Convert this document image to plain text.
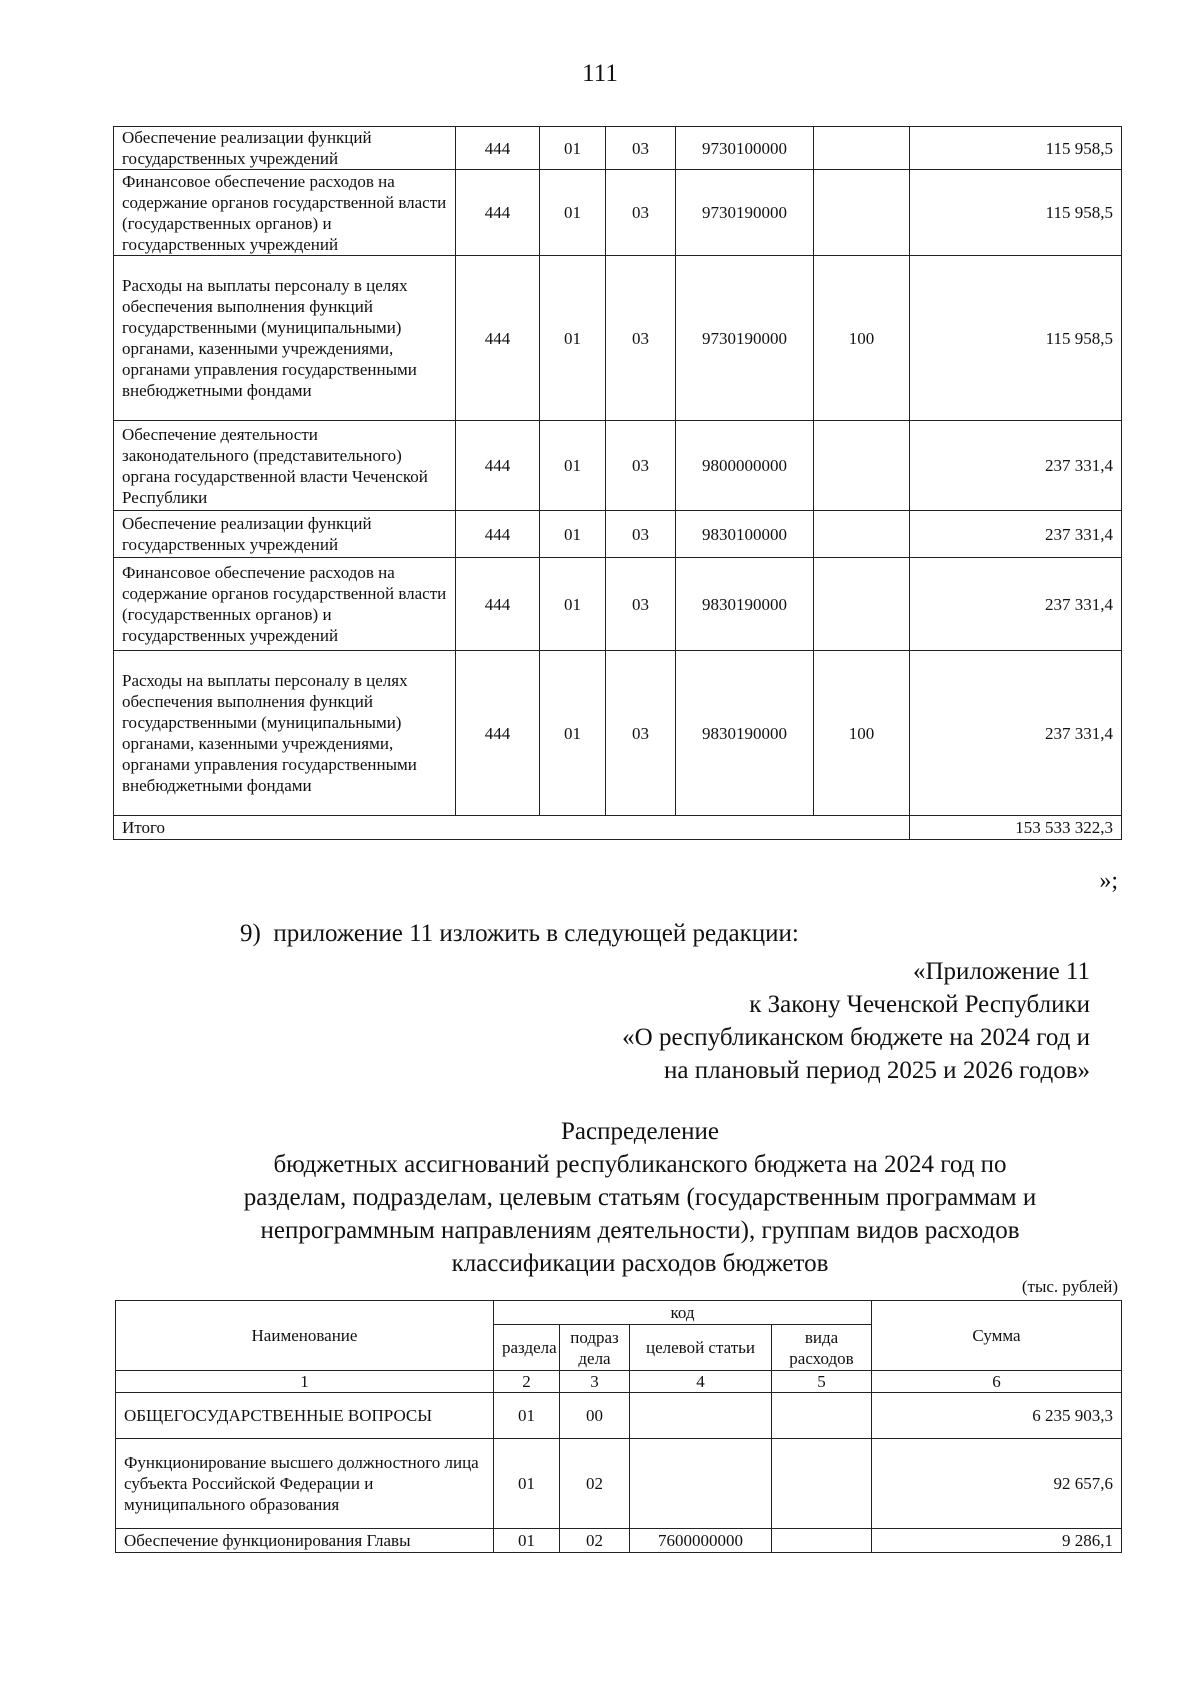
111
Обеспечение реализации функций государственных учреждений	444	01	03	9730100000		115 958,5
Финансовое обеспечение расходов на содержание органов государственной власти (государственных органов) и государственных учреждений	444	01	03	9730190000		115 958,5
Расходы на выплаты персоналу в целях обеспечения выполнения функций государственными (муниципальными) органами, казенными учреждениями, органами управления государственными внебюджетными фондами	444	01	03	9730190000	100	115 958,5
Обеспечение деятельности законодательного (представительного) органа государственной власти Чеченской Республики	444	01	03	9800000000		237 331,4
Обеспечение реализации функций государственных учреждений	444	01	03	9830100000		237 331,4
Финансовое обеспечение расходов на содержание органов государственной власти (государственных органов) и государственных учреждений	444	01	03	9830190000		237 331,4
Расходы на выплаты персоналу в целях обеспечения выполнения функций государственными (муниципальными) органами, казенными учреждениями, органами управления государственными внебюджетными фондами	444	01	03	9830190000	100	237 331,4
Итого						153 533 322,3
»;
9)  приложение 11 изложить в следующей редакции:
«Приложение 11
к Закону Чеченской Республики
«О республиканском бюджете на 2024 год и
на плановый период 2025 и 2026 годов»
Распределение
бюджетных ассигнований республиканского бюджета на 2024 год по
разделам, подразделам, целевым статьям (государственным программам и
непрограммным направлениям деятельности), группам видов расходов
классификации расходов бюджетов
(тыс. рублей)
Наименование	код				Сумма
	раздела	подраз дела	целевой статьи	вида расходов	
1	2	3	4	5	6
ОБЩЕГОСУДАРСТВЕННЫЕ ВОПРОСЫ	01	00			6 235 903,3
Функционирование высшего должностного лица субъекта Российской Федерации и муниципального образования	01	02			92 657,6
Обеспечение функционирования Главы	01	02	7600000000		9 286,1
